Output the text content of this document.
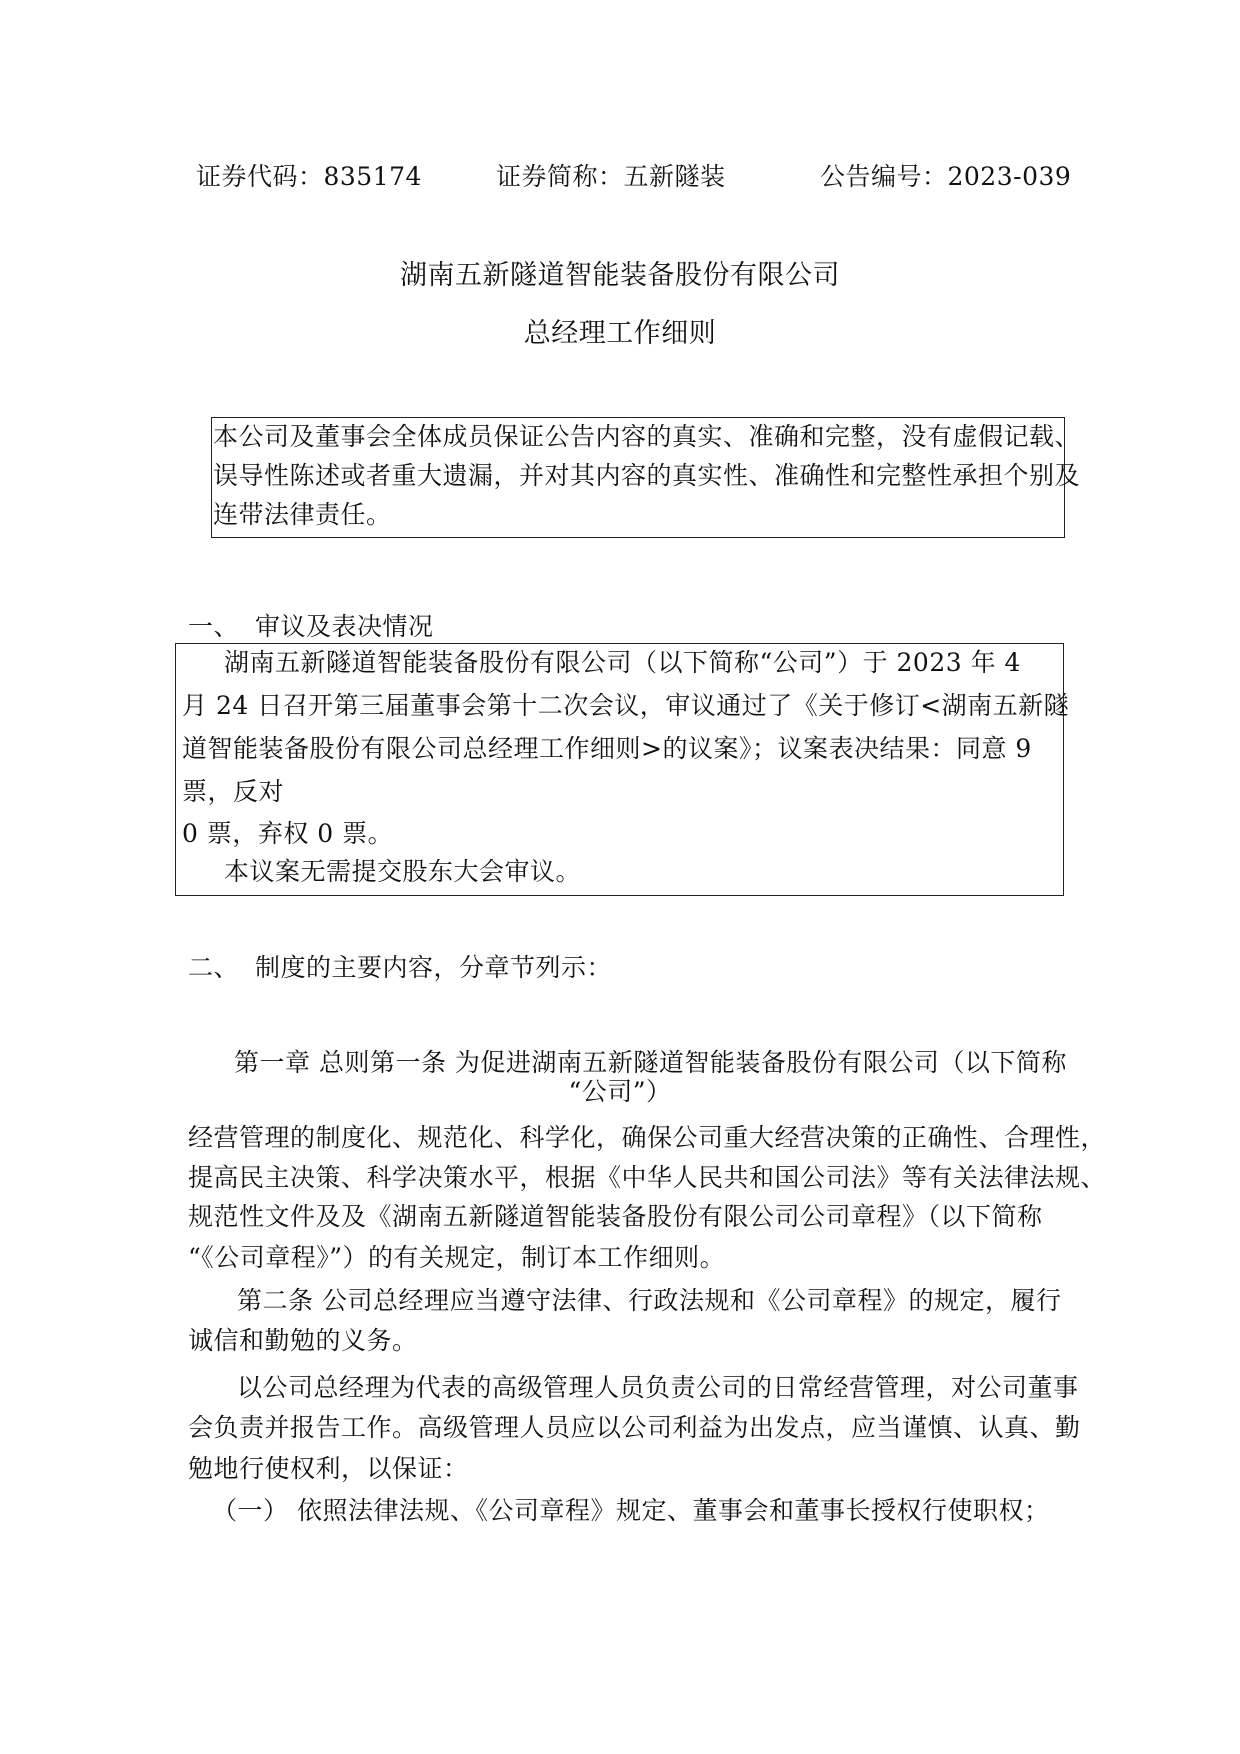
证券代码：835174	证券简称：五新隧装	公告编号：2023-039
湖南五新隧道智能装备股份有限公司
总经理工作细则
本公司及董事会全体成员保证公告内容的真实、准确和完整，没有虚假记载、
误导性陈述或者重大遗漏，并对其内容的真实性、准确性和完整性承担个别及
连带法律责任。
一、 审议及表决情况
湖南五新隧道智能装备股份有限公司（以下简称“公司”）于 2023 年 4
月 24 日召开第三届董事会第十二次会议，审议通过了《关于修订<湖南五新隧
道智能装备股份有限公司总经理工作细则>的议案》；议案表决结果：同意 9
票，反对
0 票，弃权 0 票。
本议案无需提交股东大会审议。
二、 制度的主要内容，分章节列示：
第一章 总则第一条 为促进湖南五新隧道智能装备股份有限公司（以下简称
“公司”）
经营管理的制度化、规范化、科学化，确保公司重大经营决策的正确性、合理性，
提高民主决策、科学决策水平，根据《中华人民共和国公司法》等有关法律法规、
规范性文件及及《湖南五新隧道智能装备股份有限公司公司章程》（以下简称
“《公司章程》”）的有关规定，制订本工作细则。
第二条 公司总经理应当遵守法律、行政法规和《公司章程》的规定，履行
诚信和勤勉的义务。
以公司总经理为代表的高级管理人员负责公司的日常经营管理，对公司董事
会负责并报告工作。高级管理人员应以公司利益为出发点，应当谨慎、认真、勤
勉地行使权利，以保证：
（一） 依照法律法规、《公司章程》规定、董事会和董事长授权行使职权；
